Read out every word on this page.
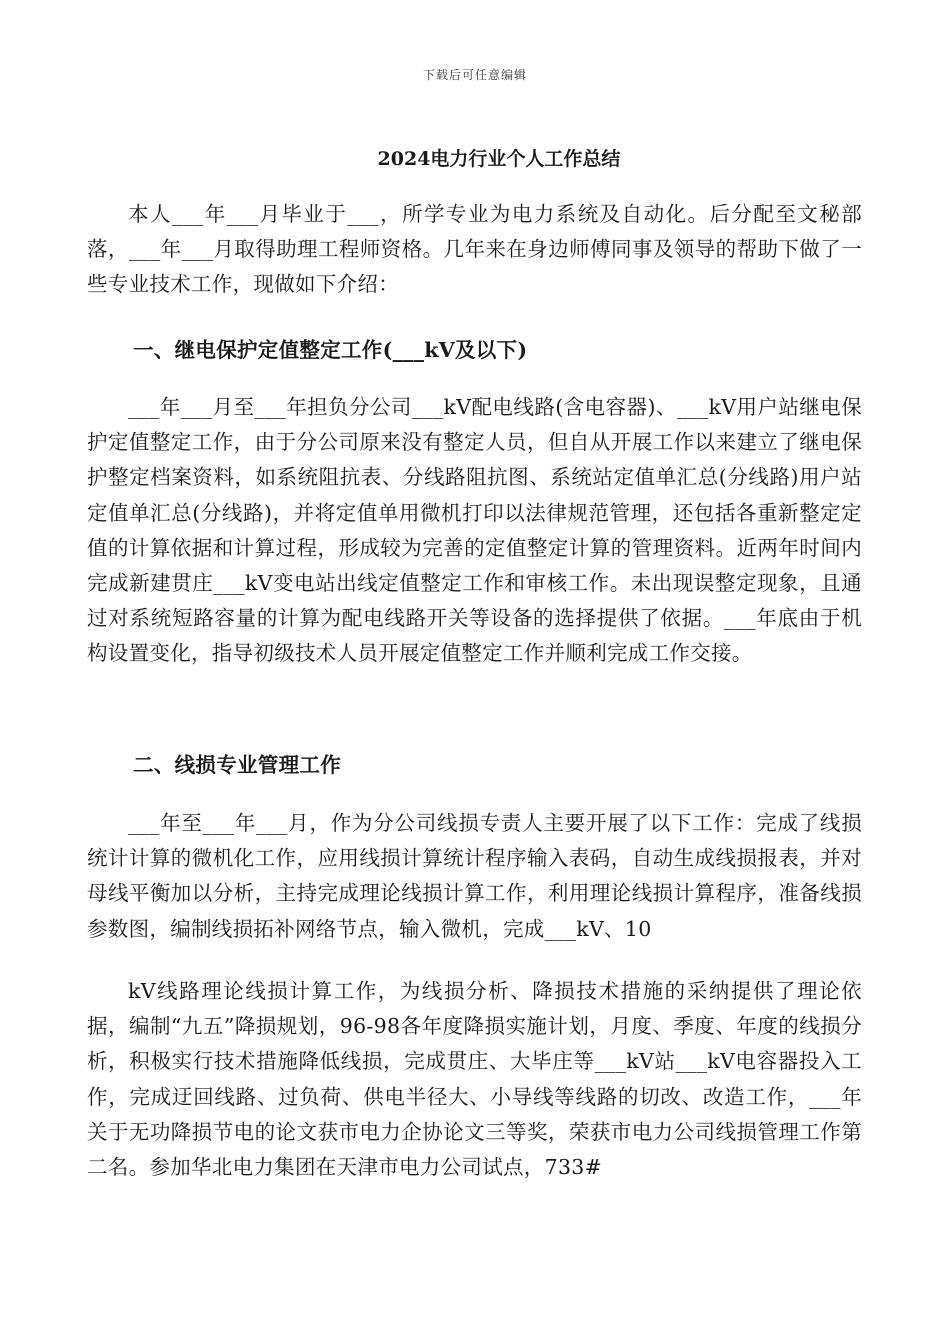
下载后可任意编辑
2024电力行业个人工作总结
本人___年___月毕业于___，所学专业为电力系统及自动化。后分配至文秘部落，___年___月取得助理工程师资格。几年来在身边师傅同事及领导的帮助下做了一些专业技术工作，现做如下介绍：
一、继电保护定值整定工作(___kV及以下)
___年___月至___年担负分公司___kV配电线路(含电容器)、___kV用户站继电保护定值整定工作，由于分公司原来没有整定人员，但自从开展工作以来建立了继电保护整定档案资料，如系统阻抗表、分线路阻抗图、系统站定值单汇总(分线路)用户站定值单汇总(分线路)，并将定值单用微机打印以法律规范管理，还包括各重新整定定值的计算依据和计算过程，形成较为完善的定值整定计算的管理资料。近两年时间内完成新建贯庄___kV变电站出线定值整定工作和审核工作。未出现误整定现象，且通过对系统短路容量的计算为配电线路开关等设备的选择提供了依据。___年底由于机构设置变化，指导初级技术人员开展定值整定工作并顺利完成工作交接。
二、线损专业管理工作
___年至___年___月，作为分公司线损专责人主要开展了以下工作：完成了线损统计计算的微机化工作，应用线损计算统计程序输入表码，自动生成线损报表，并对母线平衡加以分析，主持完成理论线损计算工作，利用理论线损计算程序，准备线损参数图，编制线损拓补网络节点，输入微机，完成___kV、10
kV线路理论线损计算工作，为线损分析、降损技术措施的采纳提供了理论依据，编制“九五”降损规划，96-98各年度降损实施计划，月度、季度、年度的线损分析，积极实行技术措施降低线损，完成贯庄、大毕庄等___kV站___kV电容器投入工作，完成迂回线路、过负荷、供电半径大、小导线等线路的切改、改造工作，___年关于无功降损节电的论文获市电力企协论文三等奖，荣获市电力公司线损管理工作第二名。参加华北电力集团在天津市电力公司试点，733#
